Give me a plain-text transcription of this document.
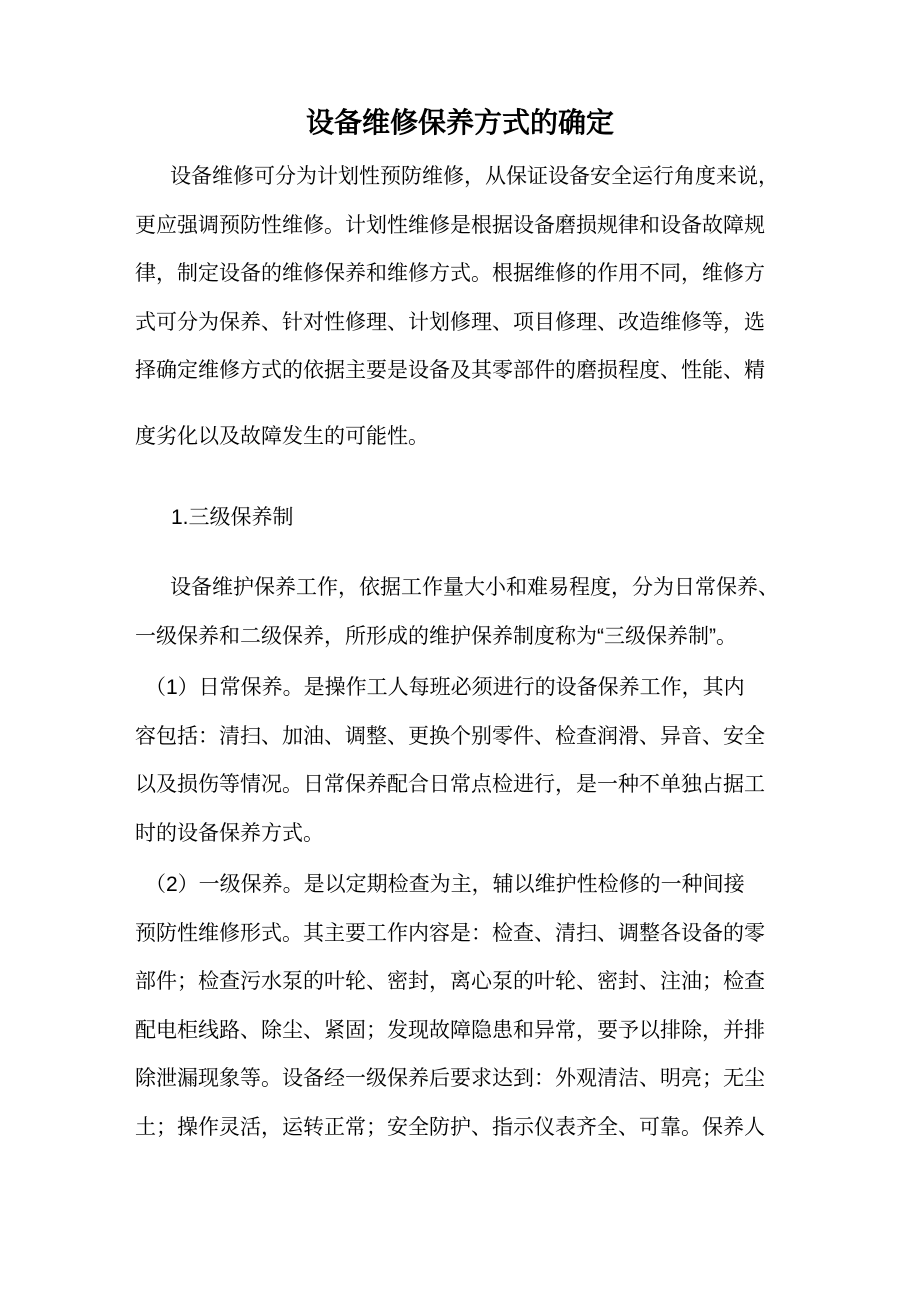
设备维修保养方式的确定
设备维修可分为计划性预防维修，从保证设备安全运行角度来说，
更应强调预防性维修。计划性维修是根据设备磨损规律和设备故障规
律，制定设备的维修保养和维修方式。根据维修的作用不同，维修方
式可分为保养、针对性修理、计划修理、项目修理、改造维修等，选
择确定维修方式的依据主要是设备及其零部件的磨损程度、性能、精
度劣化以及故障发生的可能性。
1.三级保养制
设备维护保养工作，依据工作量大小和难易程度，分为日常保养、
一级保养和二级保养，所形成的维护保养制度称为“三级保养制”。
（1）日常保养。是操作工人每班必须进行的设备保养工作，其内
容包括：清扫、加油、调整、更换个别零件、检查润滑、异音、安全
以及损伤等情况。日常保养配合日常点检进行，是一种不单独占据工
时的设备保养方式。
（2）一级保养。是以定期检查为主，辅以维护性检修的一种间接
预防性维修形式。其主要工作内容是：检查、清扫、调整各设备的零
部件；检查污水泵的叶轮、密封，离心泵的叶轮、密封、注油；检查
配电柜线路、除尘、紧固；发现故障隐患和异常，要予以排除，并排
除泄漏现象等。设备经一级保养后要求达到：外观清洁、明亮；无尘
土；操作灵活，运转正常；安全防护、指示仪表齐全、可靠。保养人
